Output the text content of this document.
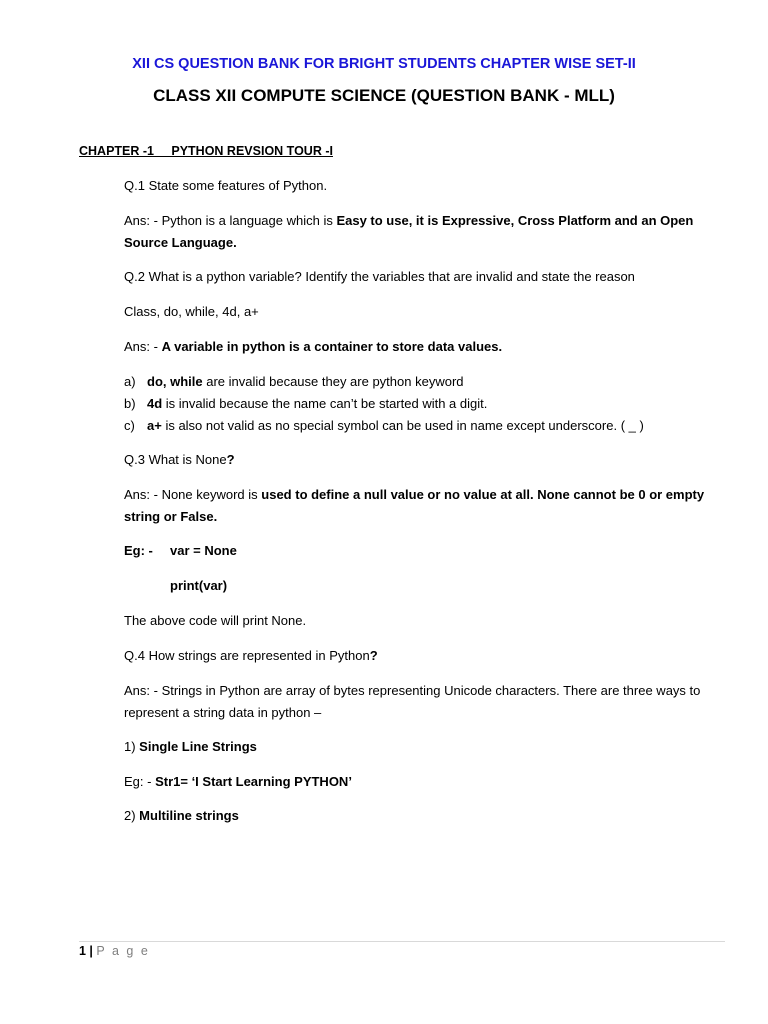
XII CS QUESTION BANK FOR BRIGHT STUDENTS CHAPTER WISE SET-II
CLASS XII COMPUTE SCIENCE (QUESTION BANK - MLL)
CHAPTER -1     PYTHON REVSION TOUR -I
Q.1 State some features of Python.
Ans: - Python is a language which is Easy to use, it is Expressive, Cross Platform and an Open Source Language.
Q.2 What is a python variable? Identify the variables that are invalid and state the reason
Class, do, while, 4d, a+
Ans: - A variable in python is a container to store data values.
a) do, while are invalid because they are python keyword
b) 4d is invalid because the name can’t be started with a digit.
c) a+ is also not valid as no special symbol can be used in name except underscore. ( _ )
Q.3 What is None?
Ans: - None keyword is used to define a null value or no value at all. None cannot be 0 or empty string or False.
Eg: - var = None
print(var)
The above code will print None.
Q.4 How strings are represented in Python?
Ans: - Strings in Python are array of bytes representing Unicode characters. There are three ways to represent a string data in python –
1) Single Line Strings
Eg: - Str1= ‘I Start Learning PYTHON’
2) Multiline strings
1 | P a g e
